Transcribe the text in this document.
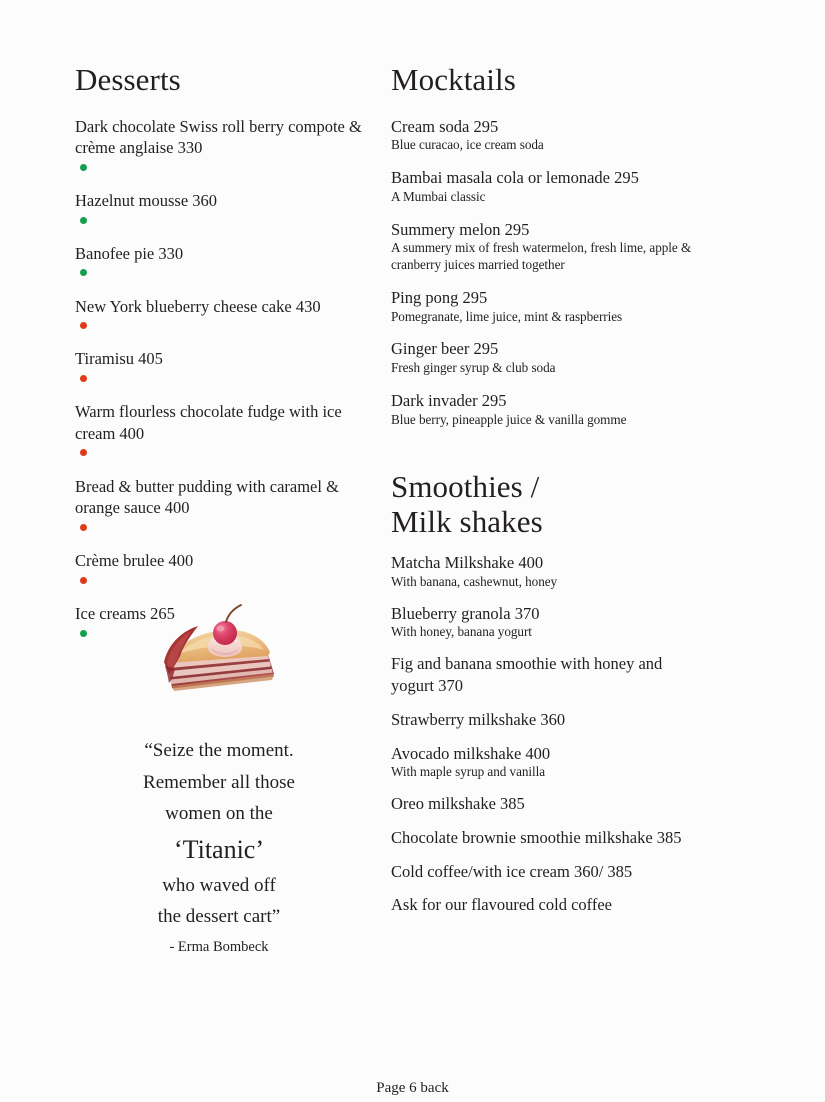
Desserts
Dark chocolate Swiss roll berry compote & crème anglaise 330
Hazelnut mousse 360
Banofee pie 330
New York blueberry cheese cake 430
Tiramisu 405
Warm flourless chocolate fudge with ice cream 400
Bread & butter pudding with caramel & orange sauce 400
Crème brulee 400
Ice creams 265
“Seize the moment.
Remember all those
women on the
‘Titanic’
who waved off
the dessert cart”
- Erma Bombeck
Mocktails
Cream soda 295
Blue curacao, ice cream soda
Bambai masala cola or lemonade 295
A Mumbai classic
Summery melon 295
A summery mix of fresh watermelon, fresh lime, apple & cranberry juices married together
Ping pong 295
Pomegranate, lime juice, mint & raspberries
Ginger beer 295
Fresh ginger syrup & club soda
Dark invader 295
Blue berry, pineapple juice & vanilla gomme
Smoothies /
Milk shakes
Matcha Milkshake 400
With banana, cashewnut, honey
Blueberry granola 370
With honey, banana yogurt
Fig and banana smoothie with honey and yogurt 370
Strawberry milkshake 360
Avocado milkshake 400
With maple syrup and vanilla
Oreo milkshake 385
Chocolate brownie smoothie milkshake 385
Cold coffee/with ice cream 360/ 385
Ask for our flavoured cold coffee
Page 6 back
